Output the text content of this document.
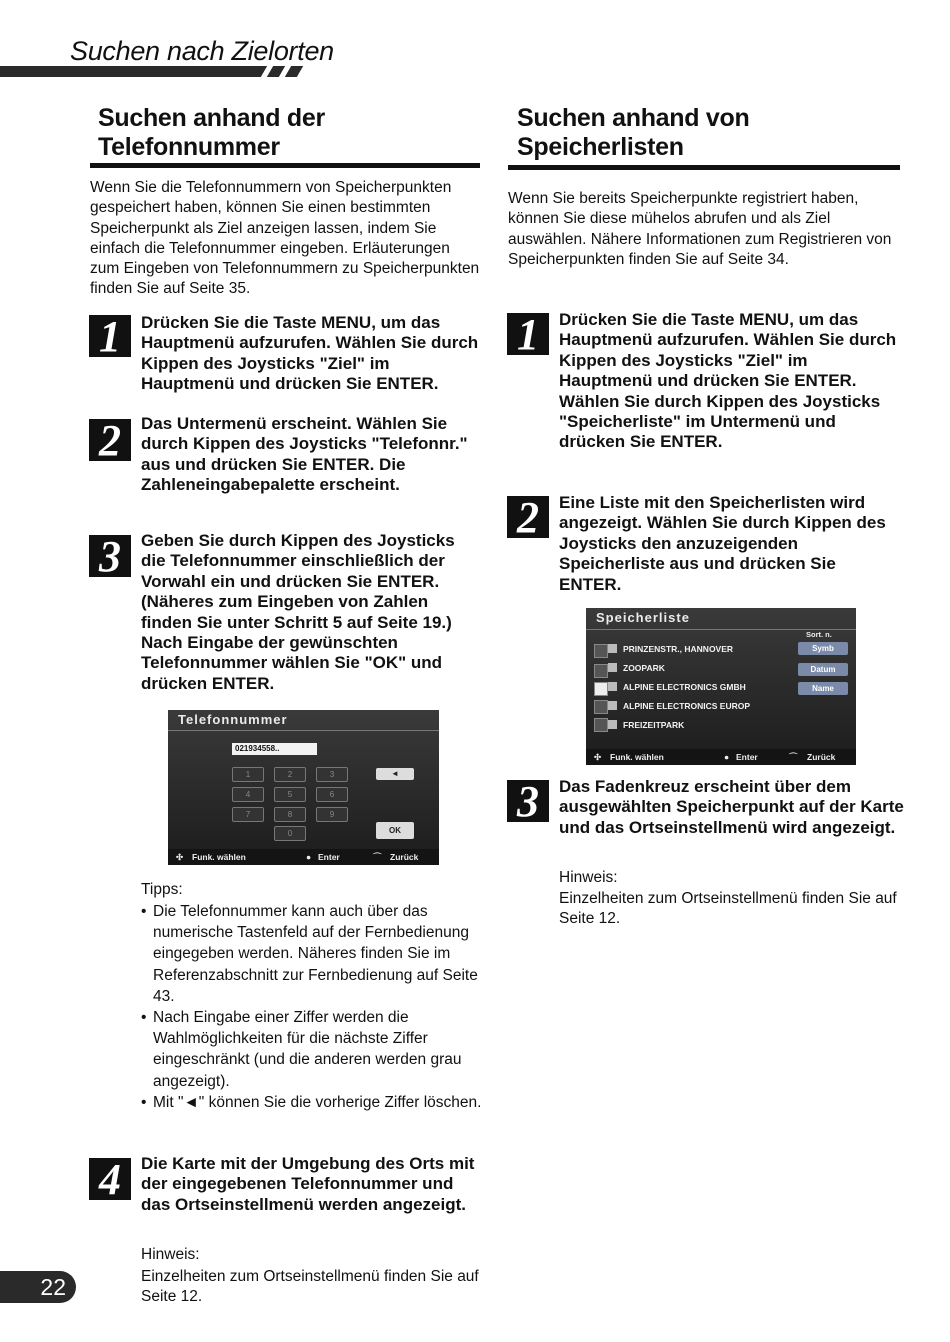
Suchen nach Zielorten
Suchen anhand der
Telefonnummer
Wenn Sie die Telefonnummern von Speicherpunkten gespeichert haben, können Sie einen bestimmten Speicherpunkt als Ziel anzeigen lassen, indem Sie einfach die Telefonnummer eingeben. Erläuterungen zum Eingeben von Telefonnummern zu Speicherpunkten finden Sie auf Seite 35.
1	Drücken Sie die Taste MENU, um das Hauptmenü aufzurufen. Wählen Sie durch Kippen des Joysticks "Ziel" im Hauptmenü und drücken Sie ENTER.
2	Das Untermenü erscheint. Wählen Sie durch Kippen des Joysticks "Telefonnr." aus und drücken Sie ENTER. Die Zahleneingabepalette erscheint.
3	Geben Sie durch Kippen des Joysticks die Telefonnummer einschließlich der Vorwahl ein und drücken Sie ENTER. (Näheres zum Eingeben von Zahlen finden Sie unter Schritt 5 auf Seite 19.) Nach Eingabe der gewünschten Telefonnummer wählen Sie "OK" und drücken ENTER.
Telefonnummer
021934558..
1	2	3
4	5	6
7	8	9
0
◄
OK
✣ Funk. wählen	● Enter	⌒ Zurück
Tipps:
• Die Telefonnummer kann auch über das numerische Tastenfeld auf der Fernbedienung eingegeben werden. Näheres finden Sie im Referenzabschnitt zur Fernbedienung auf Seite 43.
• Nach Eingabe einer Ziffer werden die Wahlmöglichkeiten für die nächste Ziffer eingeschränkt (und die anderen werden grau angezeigt).
• Mit "◄" können Sie die vorherige Ziffer löschen.
4	Die Karte mit der Umgebung des Orts mit der eingegebenen Telefonnummer und das Ortseinstellmenü werden angezeigt.
Hinweis:
Einzelheiten zum Ortseinstellmenü finden Sie auf Seite 12.
Suchen anhand von
Speicherlisten
Wenn Sie bereits Speicherpunkte registriert haben, können Sie diese mühelos abrufen und als Ziel auswählen. Nähere Informationen zum Registrieren von Speicherpunkten finden Sie auf Seite 34.
1	Drücken Sie die Taste MENU, um das Hauptmenü aufzurufen. Wählen Sie durch Kippen des Joysticks "Ziel" im Hauptmenü und drücken Sie ENTER. Wählen Sie durch Kippen des Joysticks "Speicherliste" im Untermenü und drücken Sie ENTER.
2	Eine Liste mit den Speicherlisten wird angezeigt. Wählen Sie durch Kippen des Joysticks den anzuzeigenden Speicherliste aus und drücken Sie ENTER.
Speicherliste
PRINZENSTR., HANNOVER
ZOOPARK
ALPINE ELECTRONICS GMBH
ALPINE ELECTRONICS EUROP
FREIZEITPARK
Sort. n.
Symb
Datum
Name
✣ Funk. wählen	● Enter	⌒ Zurück
3	Das Fadenkreuz erscheint über dem ausgewählten Speicherpunkt auf der Karte und das Ortseinstellmenü wird angezeigt.
Hinweis:
Einzelheiten zum Ortseinstellmenü finden Sie auf Seite 12.
22
